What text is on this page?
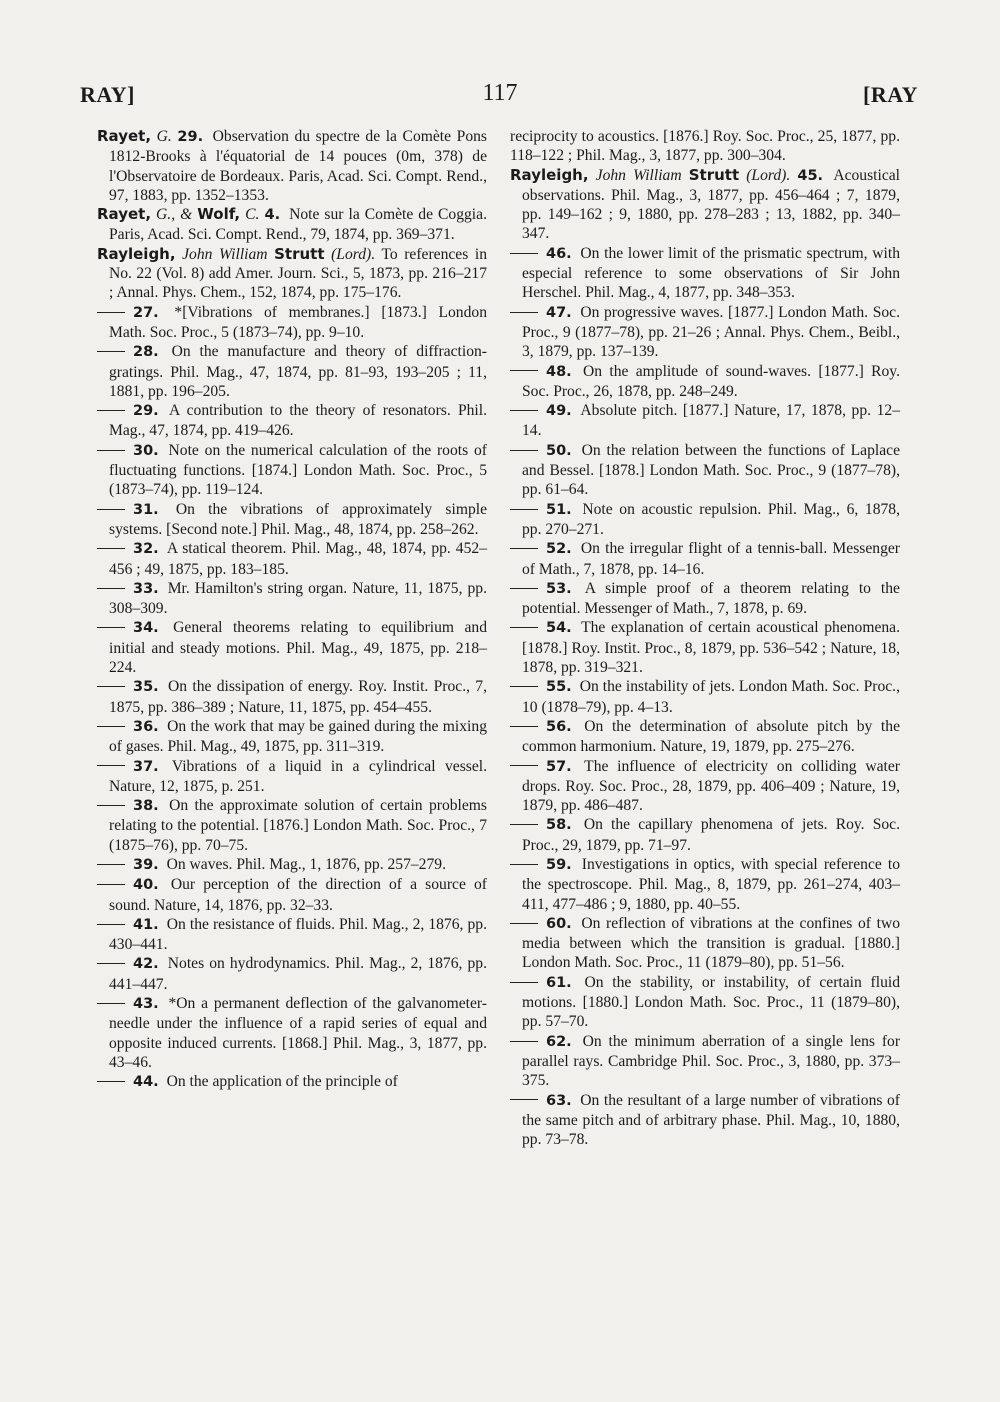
RAY]	117	[RAY

Rayet, G. 29. Observation du spectre de la Comète Pons 1812-Brooks à l'équatorial de 14 pouces (0m, 378) de l'Observatoire de Bordeaux. Paris, Acad. Sci. Compt. Rend., 97, 1883, pp. 1352–1353.

Rayet, G., & Wolf, C. 4. Note sur la Comète de Coggia. Paris, Acad. Sci. Compt. Rend., 79, 1874, pp. 369–371.

Rayleigh, John William Strutt (Lord). To references in No. 22 (Vol. 8) add Amer. Journ. Sci., 5, 1873, pp. 216–217 ; Annal. Phys. Chem., 152, 1874, pp. 175–176.

27. *[Vibrations of membranes.] [1873.] London Math. Soc. Proc., 5 (1873–74), pp. 9–10.

28. On the manufacture and theory of diffraction-gratings. Phil. Mag., 47, 1874, pp. 81–93, 193–205 ; 11, 1881, pp. 196–205.

29. A contribution to the theory of resonators. Phil. Mag., 47, 1874, pp. 419–426.

30. Note on the numerical calculation of the roots of fluctuating functions. [1874.] London Math. Soc. Proc., 5 (1873–74), pp. 119–124.

31. On the vibrations of approximately simple systems. [Second note.] Phil. Mag., 48, 1874, pp. 258–262.

32. A statical theorem. Phil. Mag., 48, 1874, pp. 452–456 ; 49, 1875, pp. 183–185.

33. Mr. Hamilton's string organ. Nature, 11, 1875, pp. 308–309.

34. General theorems relating to equilibrium and initial and steady motions. Phil. Mag., 49, 1875, pp. 218–224.

35. On the dissipation of energy. Roy. Instit. Proc., 7, 1875, pp. 386–389 ; Nature, 11, 1875, pp. 454–455.

36. On the work that may be gained during the mixing of gases. Phil. Mag., 49, 1875, pp. 311–319.

37. Vibrations of a liquid in a cylindrical vessel. Nature, 12, 1875, p. 251.

38. On the approximate solution of certain problems relating to the potential. [1876.] London Math. Soc. Proc., 7 (1875–76), pp. 70–75.

39. On waves. Phil. Mag., 1, 1876, pp. 257–279.

40. Our perception of the direction of a source of sound. Nature, 14, 1876, pp. 32–33.

41. On the resistance of fluids. Phil. Mag., 2, 1876, pp. 430–441.

42. Notes on hydrodynamics. Phil. Mag., 2, 1876, pp. 441–447.

43. *On a permanent deflection of the galvanometer-needle under the influence of a rapid series of equal and opposite induced currents. [1868.] Phil. Mag., 3, 1877, pp. 43–46.

44. On the application of the principle of

reciprocity to acoustics. [1876.] Roy. Soc. Proc., 25, 1877, pp. 118–122 ; Phil. Mag., 3, 1877, pp. 300–304.

Rayleigh, John William Strutt (Lord). 45. Acoustical observations. Phil. Mag., 3, 1877, pp. 456–464 ; 7, 1879, pp. 149–162 ; 9, 1880, pp. 278–283 ; 13, 1882, pp. 340–347.

46. On the lower limit of the prismatic spectrum, with especial reference to some observations of Sir John Herschel. Phil. Mag., 4, 1877, pp. 348–353.

47. On progressive waves. [1877.] London Math. Soc. Proc., 9 (1877–78), pp. 21–26 ; Annal. Phys. Chem., Beibl., 3, 1879, pp. 137–139.

48. On the amplitude of sound-waves. [1877.] Roy. Soc. Proc., 26, 1878, pp. 248–249.

49. Absolute pitch. [1877.] Nature, 17, 1878, pp. 12–14.

50. On the relation between the functions of Laplace and Bessel. [1878.] London Math. Soc. Proc., 9 (1877–78), pp. 61–64.

51. Note on acoustic repulsion. Phil. Mag., 6, 1878, pp. 270–271.

52. On the irregular flight of a tennis-ball. Messenger of Math., 7, 1878, pp. 14–16.

53. A simple proof of a theorem relating to the potential. Messenger of Math., 7, 1878, p. 69.

54. The explanation of certain acoustical phenomena. [1878.] Roy. Instit. Proc., 8, 1879, pp. 536–542 ; Nature, 18, 1878, pp. 319–321.

55. On the instability of jets. London Math. Soc. Proc., 10 (1878–79), pp. 4–13.

56. On the determination of absolute pitch by the common harmonium. Nature, 19, 1879, pp. 275–276.

57. The influence of electricity on colliding water drops. Roy. Soc. Proc., 28, 1879, pp. 406–409 ; Nature, 19, 1879, pp. 486–487.

58. On the capillary phenomena of jets. Roy. Soc. Proc., 29, 1879, pp. 71–97.

59. Investigations in optics, with special reference to the spectroscope. Phil. Mag., 8, 1879, pp. 261–274, 403–411, 477–486 ; 9, 1880, pp. 40–55.

60. On reflection of vibrations at the confines of two media between which the transition is gradual. [1880.] London Math. Soc. Proc., 11 (1879–80), pp. 51–56.

61. On the stability, or instability, of certain fluid motions. [1880.] London Math. Soc. Proc., 11 (1879–80), pp. 57–70.

62. On the minimum aberration of a single lens for parallel rays. Cambridge Phil. Soc. Proc., 3, 1880, pp. 373–375.

63. On the resultant of a large number of vibrations of the same pitch and of arbitrary phase. Phil. Mag., 10, 1880, pp. 73–78.
